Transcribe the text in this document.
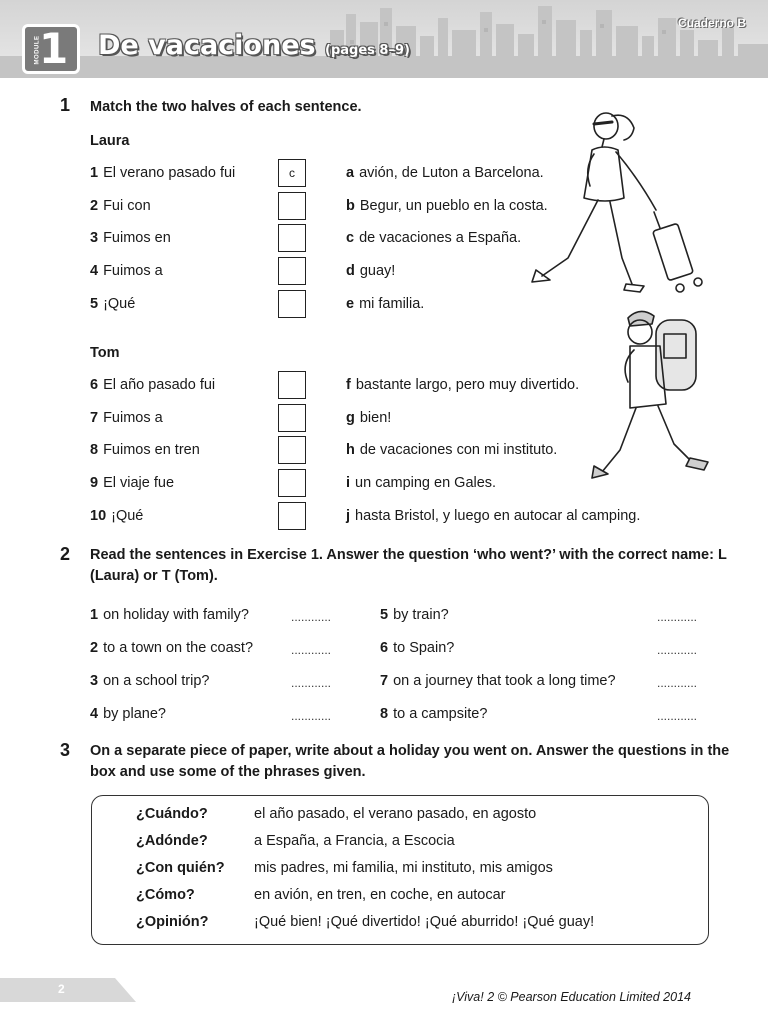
MODULE
1 De vacaciones (pages 8–9)
Cuaderno B
1 Match the two halves of each sentence.
Laura
1 El verano pasado fui	c	a avión, de Luton a Barcelona.
2 Fui con	b Begur, un pueblo en la costa.
3 Fuimos en	c de vacaciones a España.
4 Fuimos a	d guay!
5 ¡Qué	e mi familia.
Tom
6 El año pasado fui	f bastante largo, pero muy divertido.
7 Fuimos a	g bien!
8 Fuimos en tren	h de vacaciones con mi instituto.
9 El viaje fue	i un camping en Gales.
10 ¡Qué	j hasta Bristol, y luego en autocar al camping.
2 Read the sentences in Exercise 1. Answer the question ‘who went?’ with the correct name: L (Laura) or T (Tom).
1 on holiday with family?	............
2 to a town on the coast?	............
3 on a school trip?	............
4 by plane?	............
5 by train?	............
6 to Spain?	............
7 on a journey that took a long time?	............
8 to a campsite?	............
3 On a separate piece of paper, write about a holiday you went on. Answer the questions in the box and use some of the phrases given.
¿Cuándo?	el año pasado, el verano pasado, en agosto
¿Adónde?	a España, a Francia, a Escocia
¿Con quién? mis padres, mi familia, mi instituto, mis amigos
¿Cómo?	en avión, en tren, en coche, en autocar
¿Opinión?	¡Qué bien! ¡Qué divertido! ¡Qué aburrido! ¡Qué guay!
2
¡Viva! 2 © Pearson Education Limited 2014
